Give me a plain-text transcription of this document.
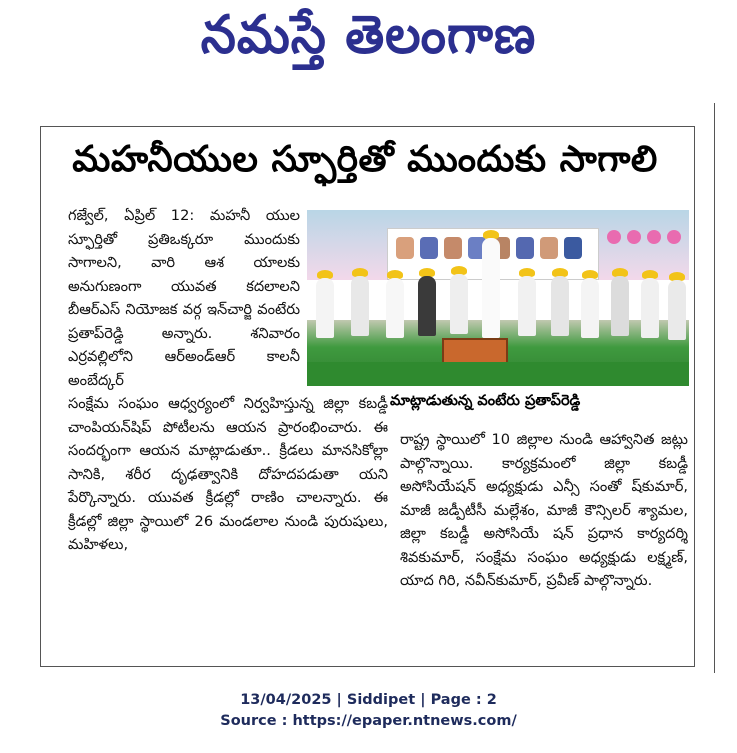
నమస్తే తెలంగాణ
మహనీయుల స్ఫూర్తితో ముందుకు సాగాలి
గజ్వేల్‌, ఏప్రిల్‌ 12: మహనీ యుల స్ఫూర్తితో ప్రతిఒక్కరూ ముందుకు సాగాలని, వారి ఆశ యాలకు అనుగుణంగా యువత కదలాలని బీఆర్‌ఎస్‌ నియోజక వర్గ ఇన్‌చార్జి వంటేరు ప్రతాప్‌రెడ్డి అన్నారు. శనివారం ఎర్రవల్లిలోని ఆర్‌అండ్‌ఆర్‌ కాలనీ అంబేద్కర్‌
మాట్లాడుతున్న వంటేరు ప్రతాప్‌రెడ్డి
సంక్షేమ సంఘం ఆధ్వర్యంలో నిర్వహిస్తున్న జిల్లా కబడ్డీ చాంపియన్‌షిప్‌ పోటీలను ఆయన ప్రారంభించారు. ఈ సందర్భంగా ఆయన మాట్లాడుతూ.. క్రీడలు మానసికోల్లా సానికి, శరీర దృఢత్వానికి దోహదపడుతా యని పేర్కొన్నారు. యువత క్రీడల్లో రాణిం చాలన్నారు. ఈ క్రీడల్లో జిల్లా స్థాయిలో 26 మండలాల నుండి పురుషులు, మహిళలు,
రాష్ట్ర స్థాయిలో 10 జిల్లాల నుండి ఆహ్వానిత జట్లు పాల్గొన్నాయి. కార్యక్రమంలో జిల్లా కబడ్డీ అసోసియేషన్‌ అధ్యక్షుడు ఎన్సీ సంతో ష్‌కుమార్‌, మాజీ జడ్పీటీసీ మల్లేశం, మాజీ కౌన్సిలర్‌ శ్యామల, జిల్లా కబడ్డీ అసోసియే షన్‌ ప్రధాన కార్యదర్శి శివకుమార్‌, సంక్షేమ సంఘం అధ్యక్షుడు లక్ష్మణ్‌, యాద గిరి, నవీన్‌కుమార్‌, ప్రవీణ్‌ పాల్గొన్నారు.
13/04/2025 | Siddipet | Page : 2
Source : https://epaper.ntnews.com/
